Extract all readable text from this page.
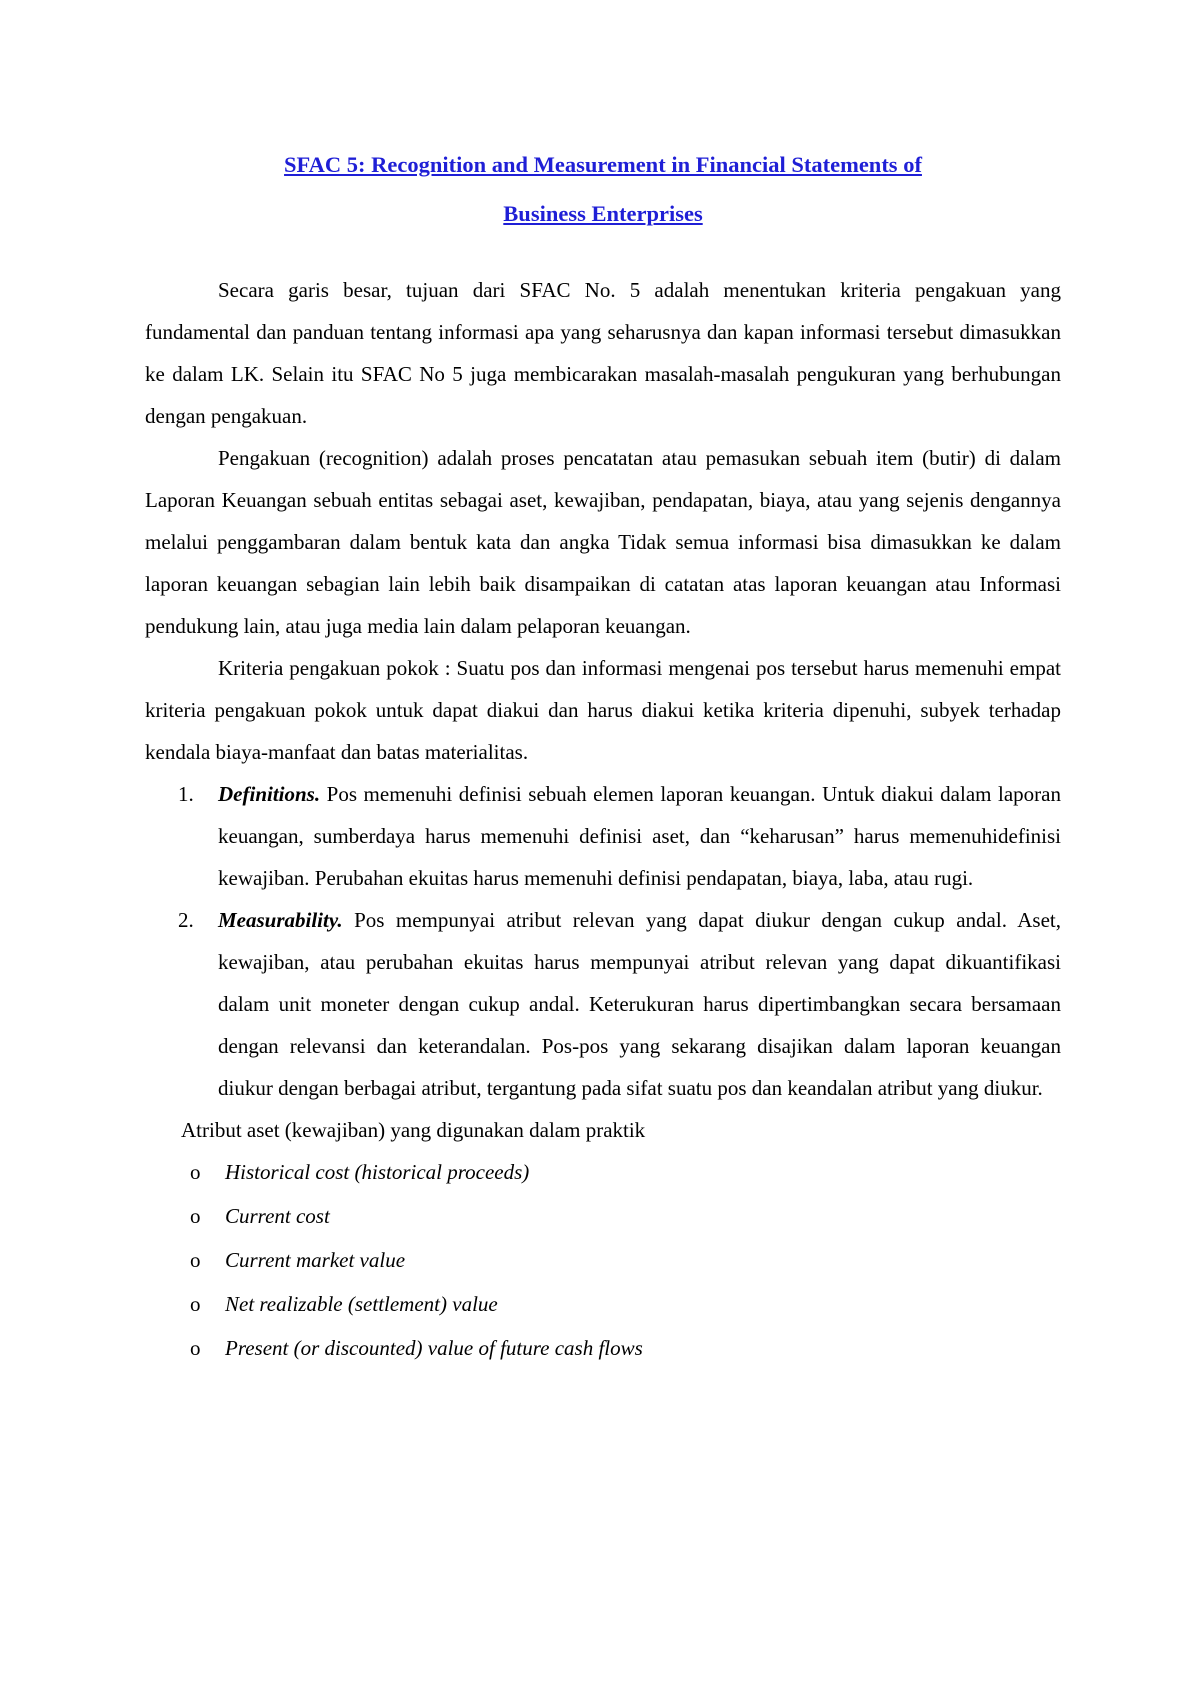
SFAC 5: Recognition and Measurement in Financial Statements of
Business Enterprises

Secara garis besar, tujuan dari SFAC No. 5 adalah menentukan kriteria pengakuan yang fundamental dan panduan tentang informasi apa yang seharusnya dan kapan informasi tersebut dimasukkan ke dalam LK. Selain itu SFAC No 5 juga membicarakan masalah-masalah pengukuran yang berhubungan dengan pengakuan.

Pengakuan (recognition) adalah proses pencatatan atau pemasukan sebuah item (butir) di dalam Laporan Keuangan sebuah entitas sebagai aset, kewajiban, pendapatan, biaya, atau yang sejenis dengannya melalui penggambaran dalam bentuk kata dan angka Tidak semua informasi bisa dimasukkan ke dalam laporan keuangan sebagian lain lebih baik disampaikan di catatan atas laporan keuangan atau Informasi pendukung lain, atau juga media lain dalam pelaporan keuangan.

Kriteria pengakuan pokok : Suatu pos dan informasi mengenai pos tersebut harus memenuhi empat kriteria pengakuan pokok untuk dapat diakui dan harus diakui ketika kriteria dipenuhi, subyek terhadap kendala biaya-manfaat dan batas materialitas.

1. Definitions. Pos memenuhi definisi sebuah elemen laporan keuangan. Untuk diakui dalam laporan keuangan, sumberdaya harus memenuhi definisi aset, dan “keharusan” harus memenuhidefinisi kewajiban. Perubahan ekuitas harus memenuhi definisi pendapatan, biaya, laba, atau rugi.
2. Measurability. Pos mempunyai atribut relevan yang dapat diukur dengan cukup andal. Aset, kewajiban, atau perubahan ekuitas harus mempunyai atribut relevan yang dapat dikuantifikasi dalam unit moneter dengan cukup andal. Keterukuran harus dipertimbangkan secara bersamaan dengan relevansi dan keterandalan. Pos-pos yang sekarang disajikan dalam laporan keuangan diukur dengan berbagai atribut, tergantung pada sifat suatu pos dan keandalan atribut yang diukur.

Atribut aset (kewajiban) yang digunakan dalam praktik

o Historical cost (historical proceeds)
o Current cost
o Current market value
o Net realizable (settlement) value
o Present (or discounted) value of future cash flows
